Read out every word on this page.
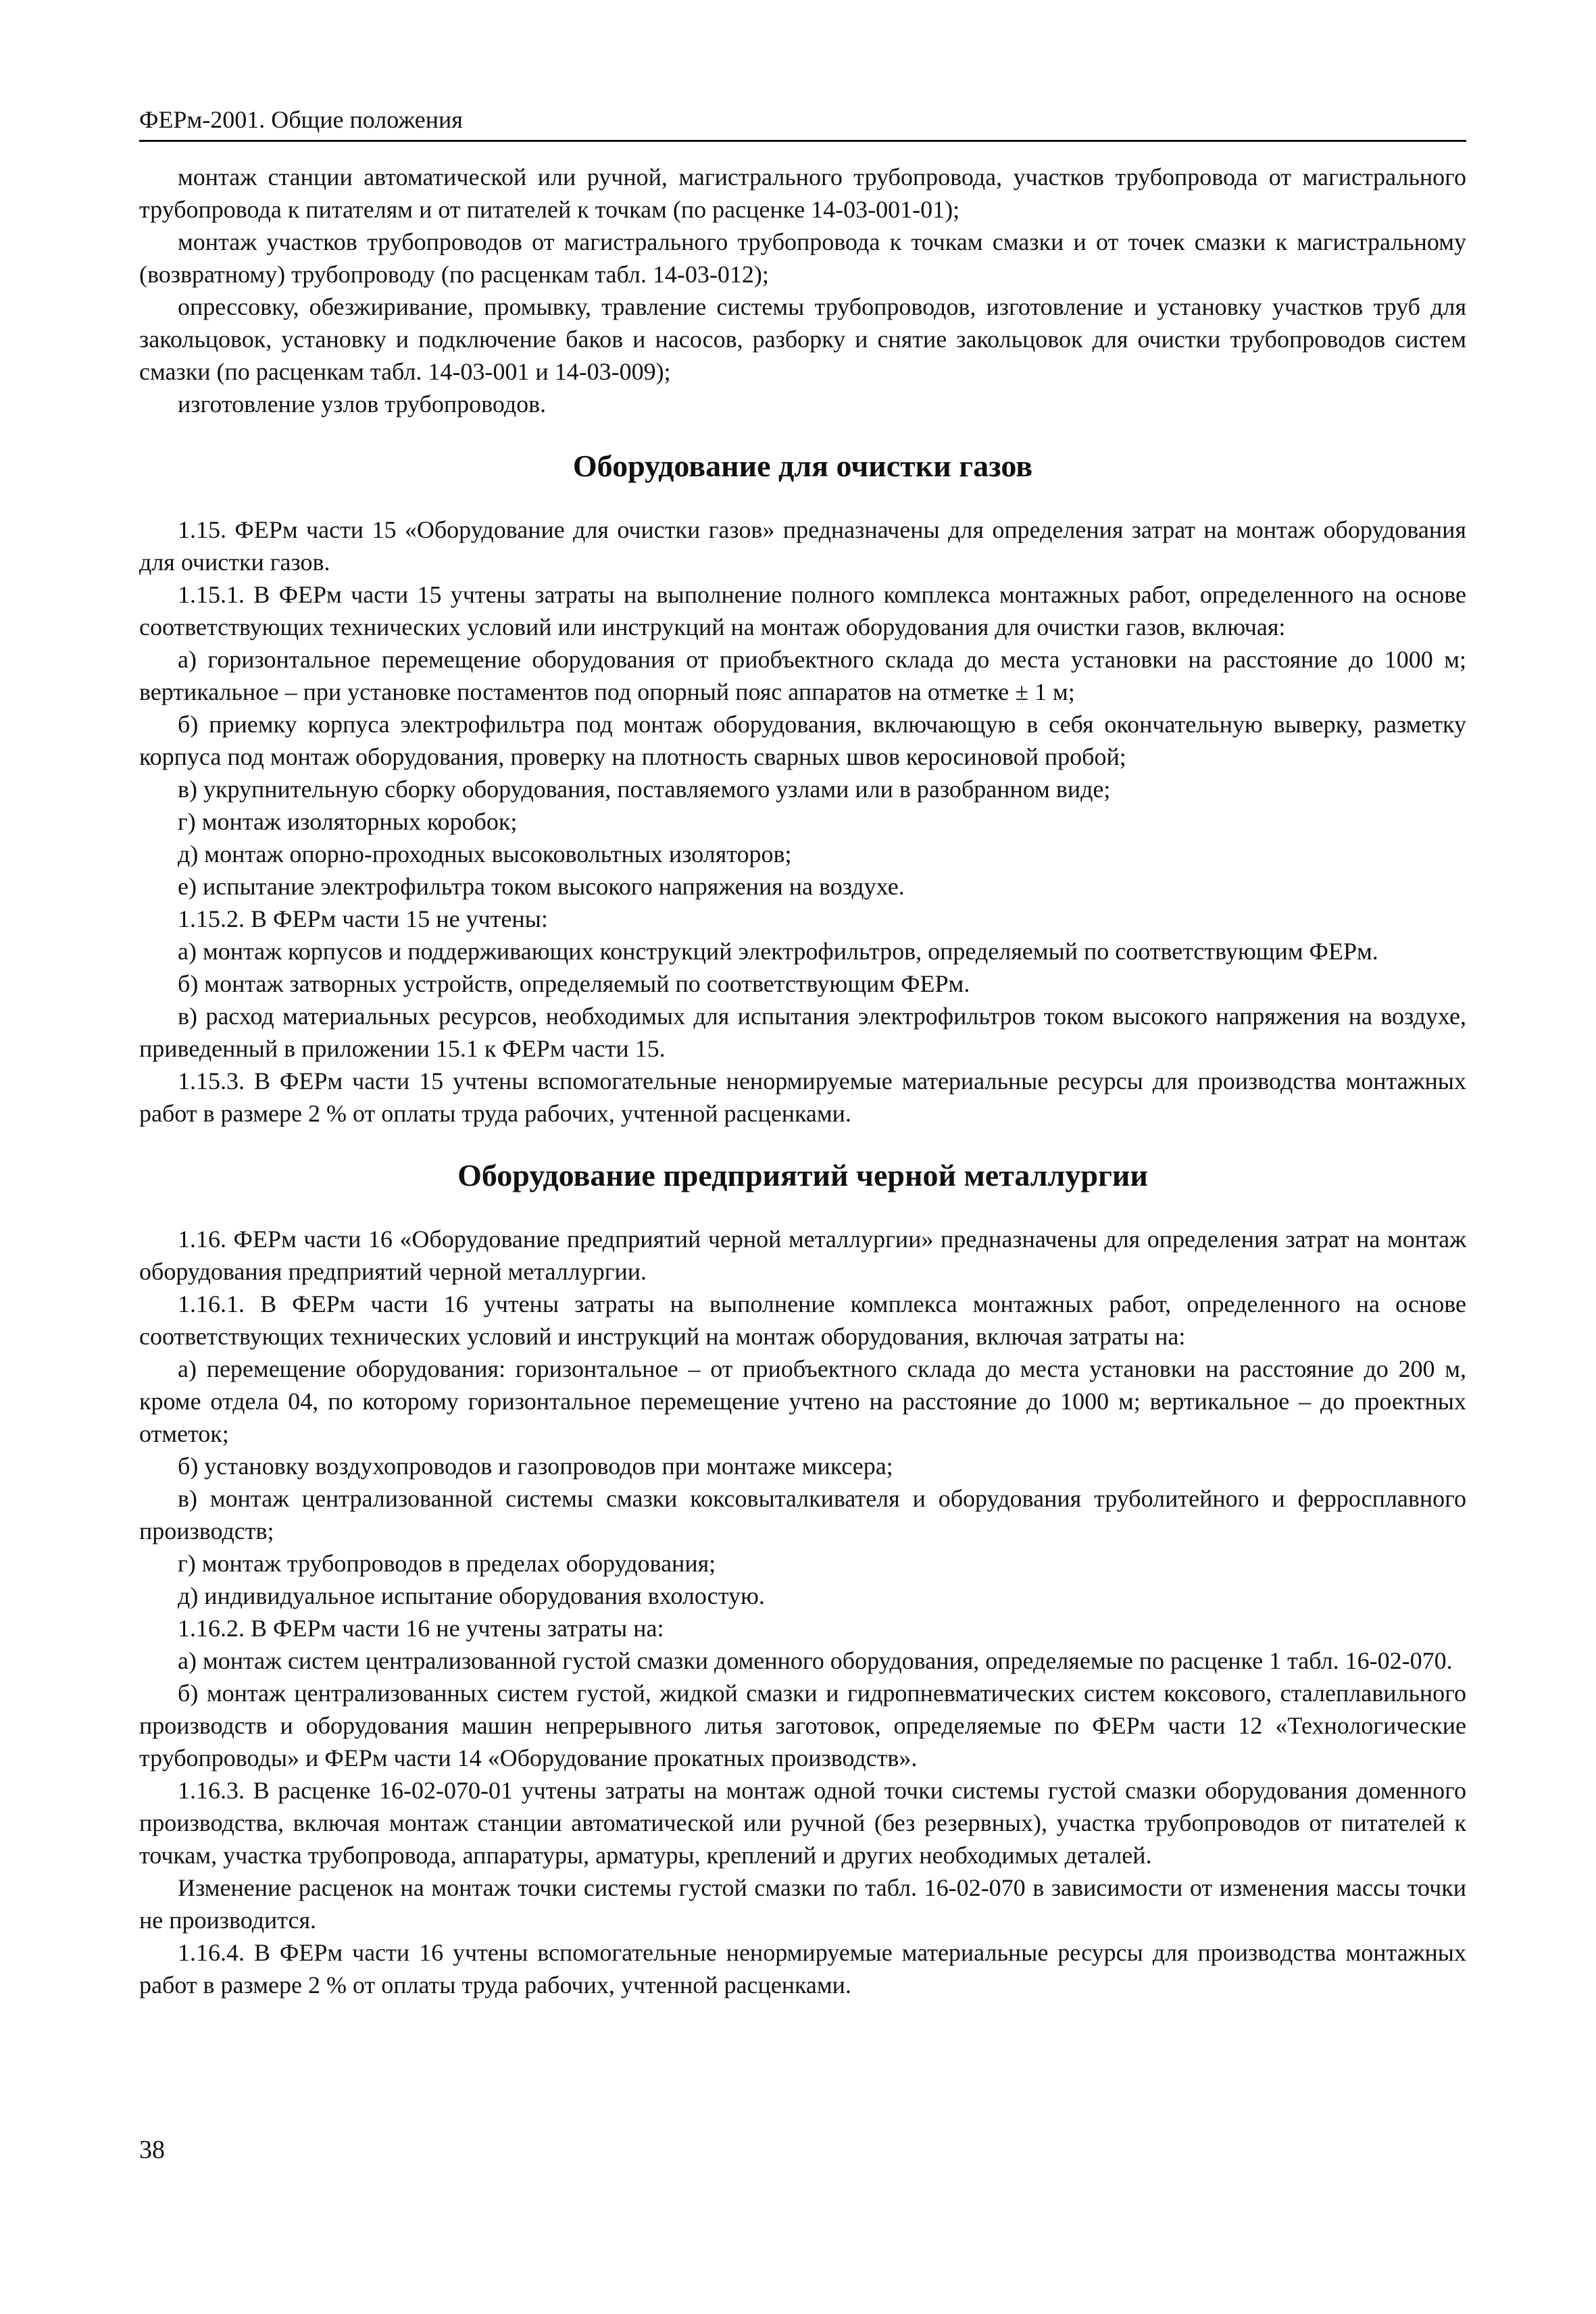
ФЕРм-2001. Общие положения

монтаж станции автоматической или ручной, магистрального трубопровода, участков трубопровода от магистрального трубопровода к питателям и от питателей к точкам (по расценке 14-03-001-01);

монтаж участков трубопроводов от магистрального трубопровода к точкам смазки и от точек смазки к магистральному (возвратному) трубопроводу (по расценкам табл. 14-03-012);

опрессовку, обезжиривание, промывку, травление системы трубопроводов, изготовление и установку участков труб для закольцовок, установку и подключение баков и насосов, разборку и снятие закольцовок для очистки трубопроводов систем смазки (по расценкам табл. 14-03-001 и 14-03-009);

изготовление узлов трубопроводов.

Оборудование для очистки газов

1.15. ФЕРм части 15 «Оборудование для очистки газов» предназначены для определения затрат на монтаж оборудования для очистки газов.

1.15.1. В ФЕРм части 15 учтены затраты на выполнение полного комплекса монтажных работ, определенного на основе соответствующих технических условий или инструкций на монтаж оборудования для очистки газов, включая:

а) горизонтальное перемещение оборудования от приобъектного склада до места установки на расстояние до 1000 м; вертикальное – при установке постаментов под опорный пояс аппаратов на отметке ± 1 м;

б) приемку корпуса электрофильтра под монтаж оборудования, включающую в себя окончательную выверку, разметку корпуса под монтаж оборудования, проверку на плотность сварных швов керосиновой пробой;

в) укрупнительную сборку оборудования, поставляемого узлами или в разобранном виде;

г) монтаж изоляторных коробок;

д) монтаж опорно-проходных высоковольтных изоляторов;

е) испытание электрофильтра током высокого напряжения на воздухе.

1.15.2. В ФЕРм части 15 не учтены:

а) монтаж корпусов и поддерживающих конструкций электрофильтров, определяемый по соответствующим ФЕРм.

б) монтаж затворных устройств, определяемый по соответствующим ФЕРм.

в) расход материальных ресурсов, необходимых для испытания электрофильтров током высокого напряжения на воздухе, приведенный в приложении 15.1 к ФЕРм части 15.

1.15.3. В ФЕРм части 15 учтены вспомогательные ненормируемые материальные ресурсы для производства монтажных работ в размере 2 % от оплаты труда рабочих, учтенной расценками.

Оборудование предприятий черной металлургии

1.16. ФЕРм части 16 «Оборудование предприятий черной металлургии» предназначены для определения затрат на монтаж оборудования предприятий черной металлургии.

1.16.1. В ФЕРм части 16 учтены затраты на выполнение комплекса монтажных работ, определенного на основе соответствующих технических условий и инструкций на монтаж оборудования, включая затраты на:

а) перемещение оборудования: горизонтальное – от приобъектного склада до места установки на расстояние до 200 м, кроме отдела 04, по которому горизонтальное перемещение учтено на расстояние до 1000 м; вертикальное – до проектных отметок;

б) установку воздухопроводов и газопроводов при монтаже миксера;

в) монтаж централизованной системы смазки коксовыталкивателя и оборудования труболитейного и ферросплавного производств;

г) монтаж трубопроводов в пределах оборудования;

д) индивидуальное испытание оборудования вхолостую.

1.16.2. В ФЕРм части 16 не учтены затраты на:

а) монтаж систем централизованной густой смазки доменного оборудования, определяемые по расценке 1 табл. 16-02-070.

б) монтаж централизованных систем густой, жидкой смазки и гидропневматических систем коксового, сталеплавильного производств и оборудования машин непрерывного литья заготовок, определяемые по ФЕРм части 12 «Технологические трубопроводы» и ФЕРм части 14 «Оборудование прокатных производств».

1.16.3. В расценке 16-02-070-01 учтены затраты на монтаж одной точки системы густой смазки оборудования доменного производства, включая монтаж станции автоматической или ручной (без резервных), участка трубопроводов от питателей к точкам, участка трубопровода, аппаратуры, арматуры, креплений и других необходимых деталей.

Изменение расценок на монтаж точки системы густой смазки по табл. 16-02-070 в зависимости от изменения массы точки не производится.

1.16.4. В ФЕРм части 16 учтены вспомогательные ненормируемые материальные ресурсы для производства монтажных работ в размере 2 % от оплаты труда рабочих, учтенной расценками.

38
